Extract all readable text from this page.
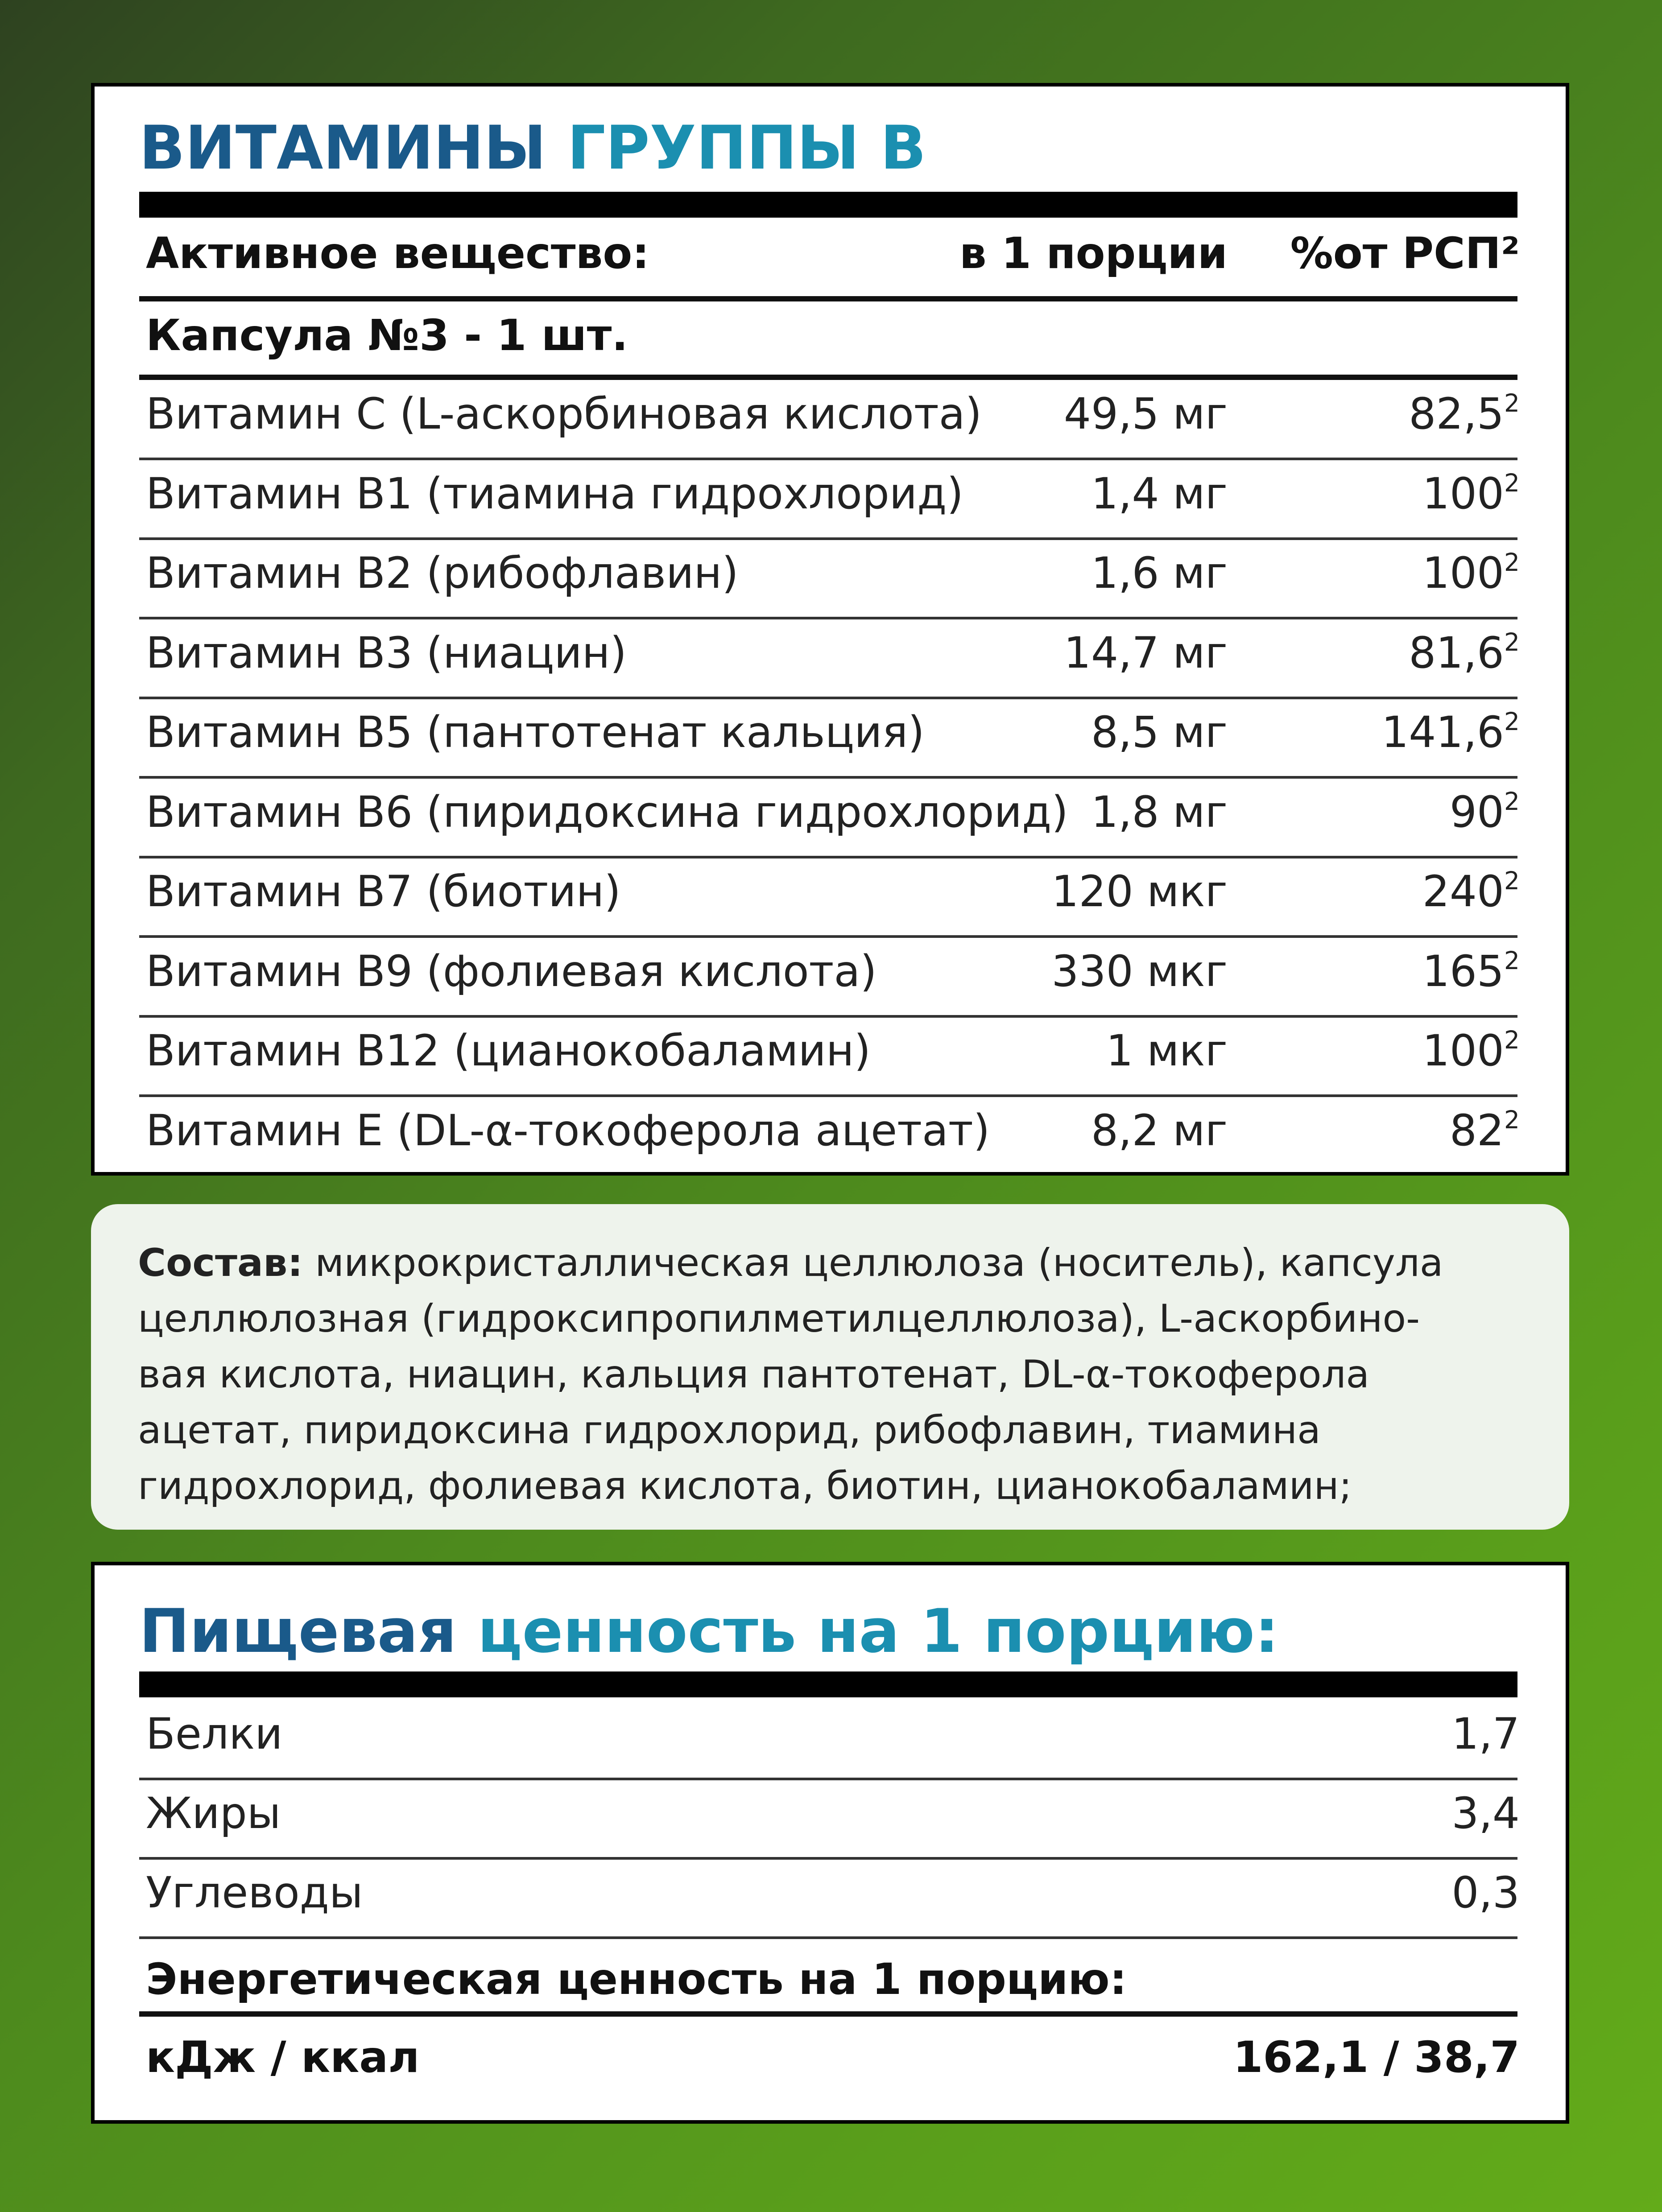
ВИТАМИНЫ ГРУППЫ В
Активное вещество:	в 1 порции	%от РСП²
Капсула №3 - 1 шт.
Витамин С (L-аскорбиновая кислота)	49,5 мг	82,5$^2$
Витамин В1 (тиамина гидрохлорид)	1,4 мг	$100^2$
Витамин В2 (рибофлавин)	1,6 мг	$100^2$
Витамин В3 (ниацин)	14,7 мг	81,6$^2$
Витамин В5 (пантотенат кальция)	8,5 мг	141,6$^2$
Витамин В6 (пиридоксина гидрохлорид) 1,8 мг	$90^2$
Витамин В7 (биотин)	120 мкг	$240^2$
Витамин В9 (фолиевая кислота)	330 мкг	$165^2$
Витамин В12 (цианокобаламин)	1 мкг	$100^2$
Витамин Е (DL-α-токоферола ацетат)	8,2 мг	$82^2$
Состав: микрокристаллическая целлюлоза (носитель), капсула
целлюлозная (гидроксипропилметилцеллюлоза), L-аскорбино-
вая кислота, ниацин, кальция пантотенат, DL-α-токоферола
ацетат, пиридоксина гидрохлорид, рибофлавин, тиамина
гидрохлорид, фолиевая кислота, биотин, цианокобаламин;
Пищевая ценность на 1 порцию:
Белки	1,7
Жиры	3,4
Углеводы	0,3
Энергетическая ценность на 1 порцию:
кДж / ккал	162,1 / 38,7
